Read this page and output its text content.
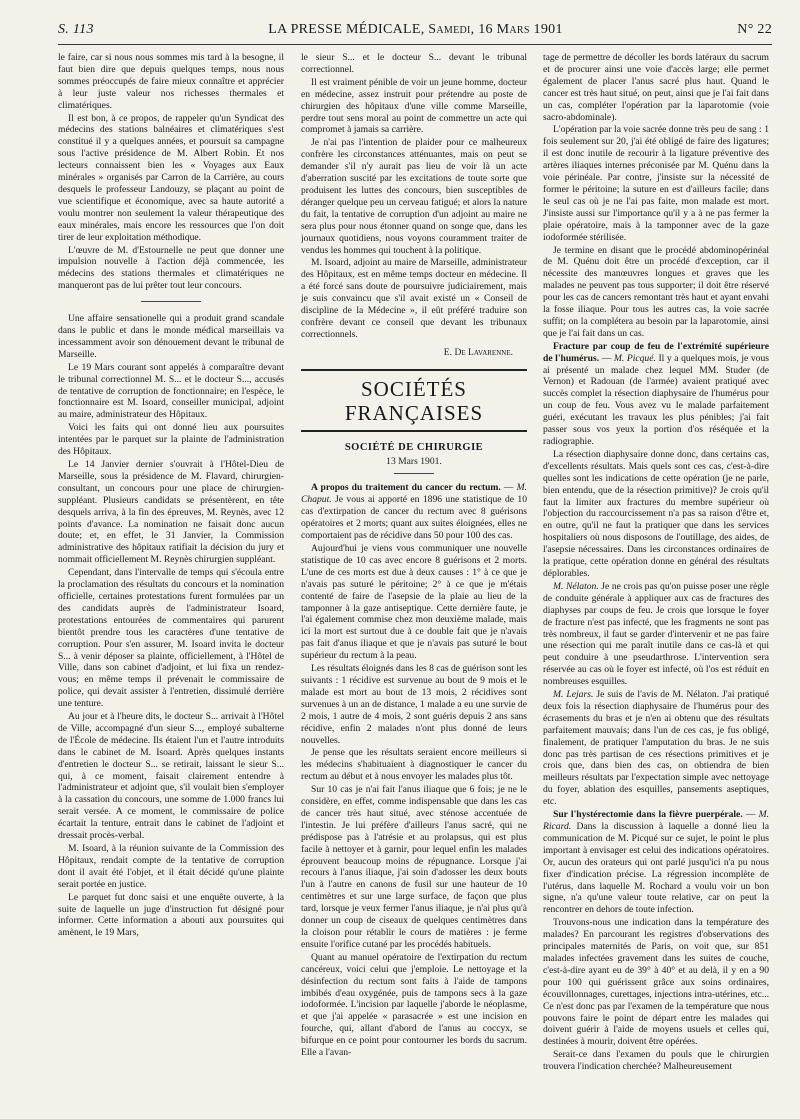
S. 113	LA PRESSE MÉDICALE, Samedi, 16 Mars 1901	N° 22

le faire, car si nous nous sommes mis tard à la besogne, il faut bien dire que depuis quelques temps, nous nous sommes préoccupés de faire mieux connaître et apprécier à leur juste valeur nos richesses thermales et climatériques.

Il est bon, à ce propos, de rappeler qu'un Syndicat des médecins des stations balnéaires et climatériques s'est constitué il y a quelques années, et poursuit sa campagne sous l'active présidence de M. Albert Robin. Et nos lecteurs connaissent bien les « Voyages aux Eaux minérales » organisés par Carron de la Carrière, au cours desquels le professeur Landouzy, se plaçant au point de vue scientifique et économique, avec sa haute autorité a voulu montrer non seulement la valeur thérapeutique des eaux minérales, mais encore les ressources que l'on doit tirer de leur exploitation méthodique.

L'œuvre de M. d'Estournelle ne peut que donner une impulsion nouvelle à l'action déjà commencée, les médecins des stations thermales et climatériques ne manqueront pas de lui prêter tout leur concours.

Une affaire sensationelle qui a produit grand scandale dans le public et dans le monde médical marseillais va incessamment avoir son dénouement devant le tribunal de Marseille.

Le 19 Mars courant sont appelés à comparaître devant le tribunal correctionnel M. S... et le docteur S..., accusés de tentative de corruption de fonctionnaire; en l'espèce, le fonctionnaire est M. Isoard, conseiller municipal, adjoint au maire, administrateur des Hôpitaux.

Voici les faits qui ont donné lieu aux poursuites intentées par le parquet sur la plainte de l'administration des Hôpitaux.

Le 14 Janvier dernier s'ouvrait à l'Hôtel-Dieu de Marseille, sous la présidence de M. Flavard, chirurgien-consultant, un concours pour une place de chirurgien-suppléant. Plusieurs candidats se présentèrent, en tête desquels arriva, à la fin des épreuves, M. Reynès, avec 12 points d'avance. La nomination ne faisait donc aucun doute; et, en effet, le 31 Janvier, la Commission administrative des hôpitaux ratifiait la décision du jury et nommait officiellement M. Reynès chirurgien suppléant.

Cependant, dans l'intervalle de temps qui s'écoula entre la proclamation des résultats du concours et la nomination officielle, certaines protestations furent formulées par un des candidats auprès de l'administrateur Isoard, protestations entourées de commentaires qui parurent bientôt prendre tous les caractères d'une tentative de corruption. Pour s'en assurer, M. Isoard invita le docteur S... à venir déposer sa plainte, officiellement, à l'Hôtel de Ville, dans son cabinet d'adjoint, et lui fixa un rendez-vous; en même temps il prévenait le commissaire de police, qui devait assister à l'entretien, dissimulé derrière une tenture.

Au jour et à l'heure dits, le docteur S... arrivait à l'Hôtel de Ville, accompagné d'un sieur S..., employé subalterne de l'École de médecine. Ils étaient l'un et l'autre introduits dans le cabinet de M. Isoard. Après quelques instants d'entretien le docteur S... se retirait, laissant le sieur S... qui, à ce moment, faisait clairement entendre à l'administrateur et adjoint que, s'il voulait bien s'employer à la cassation du concours, une somme de 1.000 francs lui serait versée. A ce moment, le commissaire de police écartait la tenture, entrait dans le cabinet de l'adjoint et dressait procès-verbal.

M. Isoard, à la réunion suivante de la Commission des Hôpitaux, rendait compte de la tentative de corruption dont il avait été l'objet, et il était décidé qu'une plainte serait portée en justice.

Le parquet fut donc saisi et une enquête ouverte, à la suite de laquelle un juge d'instruction fut désigné pour informer. Cette information a abouti aux poursuites qui amènent, le 19 Mars,

le sieur S... et le docteur S... devant le tribunal correctionnel.

Il est vraiment pénible de voir un jeune homme, docteur en médecine, assez instruit pour prétendre au poste de chirurgien des hôpitaux d'une ville comme Marseille, perdre tout sens moral au point de commettre un acte qui compromet à jamais sa carrière.

Je n'ai pas l'intention de plaider pour ce malheureux confrère les circonstances atténuantes, mais on peut se demander s'il n'y aurait pas lieu de voir là un acte d'aberration suscité par les excitations de toute sorte que produisent les luttes des concours, bien susceptibles de déranger quelque peu un cerveau fatigué; et alors la nature du fait, la tentative de corruption d'un adjoint au maire ne sera plus pour nous étonner quand on songe que, dans les journaux quotidiens, nous voyons couramment traiter de vendus les hommes qui touchent à la politique.

M. Isoard, adjoint au maire de Marseille, administrateur des Hôpitaux, est en même temps docteur en médecine. Il a été forcé sans doute de poursuivre judiciairement, mais je suis convaincu que s'il avait existé un « Conseil de discipline de la Médecine », il eût préféré traduire son confrère devant ce conseil que devant les tribunaux correctionnels.

E. De Lavarenne.
SOCIÉTÉS FRANÇAISES
SOCIÉTÉ DE CHIRURGIE
13 Mars 1901.

A propos du traitement du cancer du rectum. — M. Chaput. Je vous ai apporté en 1896 une statistique de 10 cas d'extirpation de cancer du rectum avec 8 guérisons opératoires et 2 morts; quant aux suites éloignées, elles ne comportaient pas de récidive dans 50 pour 100 des cas.

Aujourd'hui je viens vous communiquer une nouvelle statistique de 10 cas avec encore 8 guérisons et 2 morts. L'une de ces morts est due à deux causes : 1° à ce que je n'avais pas suturé le péritoine; 2° à ce que je m'étais contenté de faire de l'asepsie de la plaie au lieu de la tamponner à la gaze antiseptique. Cette dernière faute, je l'ai également commise chez mon deuxième malade, mais ici la mort est surtout due à ce double fait que je n'avais pas fait d'anus iliaque et que je n'avais pas suturé le bout supérieur du rectum à la peau.

Les résultats éloignés dans les 8 cas de guérison sont les suivants : 1 récidive est survenue au bout de 9 mois et le malade est mort au bout de 13 mois, 2 récidives sont survenues à un an de distance, 1 malade a eu une survie de 2 mois, 1 autre de 4 mois, 2 sont guéris depuis 2 ans sans récidive, enfin 2 malades n'ont plus donné de leurs nouvelles.

Je pense que les résultats seraient encore meilleurs si les médecins s'habituaient à diagnostiquer le cancer du rectum au début et à nous envoyer les malades plus tôt.

Sur 10 cas je n'ai fait l'anus iliaque que 6 fois; je ne le considère, en effet, comme indispensable que dans les cas de cancer très haut situé, avec sténose accentuée de l'intestin. Je lui préfère d'ailleurs l'anus sacré, qui ne prédispose pas à l'atrésie et au prolapsus, qui est plus facile à nettoyer et à garnir, pour lequel enfin les malades éprouvent beaucoup moins de répugnance. Lorsque j'ai recours à l'anus iliaque, j'ai soin d'adosser les deux bouts l'un à l'autre en canons de fusil sur une hauteur de 10 centimètres et sur une large surface, de façon que plus tard, lorsque je veux fermer l'anus iliaque, je n'ai plus qu'à donner un coup de ciseaux de quelques centimètres dans la cloison pour rétablir le cours de matières : je ferme ensuite l'orifice cutané par les procédés habituels.

Quant au manuel opératoire de l'extirpation du rectum cancéreux, voici celui que j'emploie. Le nettoyage et la désinfection du rectum sont faits à l'aide de tampons imbibés d'eau oxygénée, puis de tampons secs à la gaze iodoformée. L'incision par laquelle j'aborde le néoplasme, et que j'ai appelée « parasacrée » est une incision en fourche, qui, allant d'abord de l'anus au coccyx, se bifurque en ce point pour contourner les bords du sacrum. Elle a l'avan-

tage de permettre de décoller les bords latéraux du sacrum et de procurer ainsi une voie d'accès large; elle permet également de placer l'anus sacré plus haut. Quand le cancer est très haut situé, on peut, ainsi que je l'ai fait dans un cas, compléter l'opération par la laparotomie (voie sacro-abdominale).

L'opération par la voie sacrée donne très peu de sang : 1 fois seulement sur 20, j'ai été obligé de faire des ligatures; il est donc inutile de recourir à la ligature préventive des artères iliaques internes préconisée par M. Quénu dans la voie périnéale. Par contre, j'insiste sur la nécessité de former le péritoine; la suture en est d'ailleurs facile; dans le seul cas où je ne l'ai pas faite, mon malade est mort. J'insiste aussi sur l'importance qu'il y a à ne pas fermer la plaie opératoire, mais à la tamponner avec de la gaze iodoformée stérilisée.

Je termine en disant que le procédé abdominopérinéal de M. Quénu doit être un procédé d'exception, car il nécessite des manœuvres longues et graves que les malades ne peuvent pas tous supporter; il doit être réservé pour les cas de cancers remontant très haut et ayant envahi la fosse iliaque. Pour tous les autres cas, la voie sacrée suffit; on la complétera au besoin par la laparotomie, ainsi que je l'ai fait dans un cas.

Fracture par coup de feu de l'extrémité supérieure de l'humérus. — M. Picqué. Il y a quelques mois, je vous ai présenté un malade chez lequel MM. Studer (de Vernon) et Radouan (de l'armée) avaient pratiqué avec succès complet la résection diaphysaire de l'humérus pour un coup de feu. Vous avez vu le malade parfaitement guéri, exécutant les travaux les plus pénibles; j'ai fait passer sous vos yeux la portion d'os réséquée et la radiographie.

La résection diaphysaire donne donc, dans certains cas, d'excellents résultats. Mais quels sont ces cas, c'est-à-dire quelles sont les indications de cette opération (je ne parle, bien entendu, que de la résection primitive)? Je crois qu'il faut la limiter aux fractures du membre supérieur où l'objection du raccourcissement n'a pas sa raison d'être et, en outre, qu'il ne faut la pratiquer que dans les services hospitaliers où nous disposons de l'outillage, des aides, de l'asepsie nécessaires. Dans les circonstances ordinaires de la pratique, cette opération donne en général des résultats déplorables.

M. Nélaton. Je ne crois pas qu'on puisse poser une règle de conduite générale à appliquer aux cas de fractures des diaphyses par coups de feu. Je crois que lorsque le foyer de fracture n'est pas infecté, que les fragments ne sont pas très nombreux, il faut se garder d'intervenir et ne pas faire une résection qui me paraît inutile dans ce cas-là et qui peut conduire à une pseudarthrose. L'intervention sera réservée au cas où le foyer est infecté, où l'os est réduit en nombreuses esquilles.

M. Lejars. Je suis de l'avis de M. Nélaton. J'ai pratiqué deux fois la résection diaphysaire de l'humérus pour des écrasements du bras et je n'en ai obtenu que des résultats parfaitement mauvais; dans l'un de ces cas, je fus obligé, finalement, de pratiquer l'amputation du bras. Je ne suis donc pas très partisan de ces résections primitives et je crois que, dans bien des cas, on obtiendra de bien meilleurs résultats par l'expectation simple avec nettoyage du foyer, ablation des esquilles, pansements aseptiques, etc.

Sur l'hystérectomie dans la fièvre puerpérale. — M. Ricard. Dans la discussion à laquelle a donné lieu la communication de M. Picqué sur ce sujet, le point le plus important à envisager est celui des indications opératoires. Or, aucun des orateurs qui ont parlé jusqu'ici n'a pu nous fixer d'indication précise. La régression incomplète de l'utérus, dans laquelle M. Rochard a voulu voir un bon signe, n'a qu'une valeur toute relative, car on peut la rencontrer en dehors de toute infection.

Trouvons-nous une indication dans la température des malades? En parcourant les registres d'observations des principales maternités de Paris, on voit que, sur 851 malades infectées gravement dans les suites de couche, c'est-à-dire ayant eu de 39° à 40° et au delà, il y en a 90 pour 100 qui guérissent grâce aux soins ordinaires, écouvillonnages, curettages, injections intra-utérines, etc... Ce n'est donc pas par l'examen de la température que nous pouvons faire le point de départ entre les malades qui doivent guérir à l'aide de moyens usuels et celles qui, destinées à mourir, doivent être opérées.

Serait-ce dans l'examen du pouls que le chirurgien trouvera l'indication cherchée? Malheureusement
